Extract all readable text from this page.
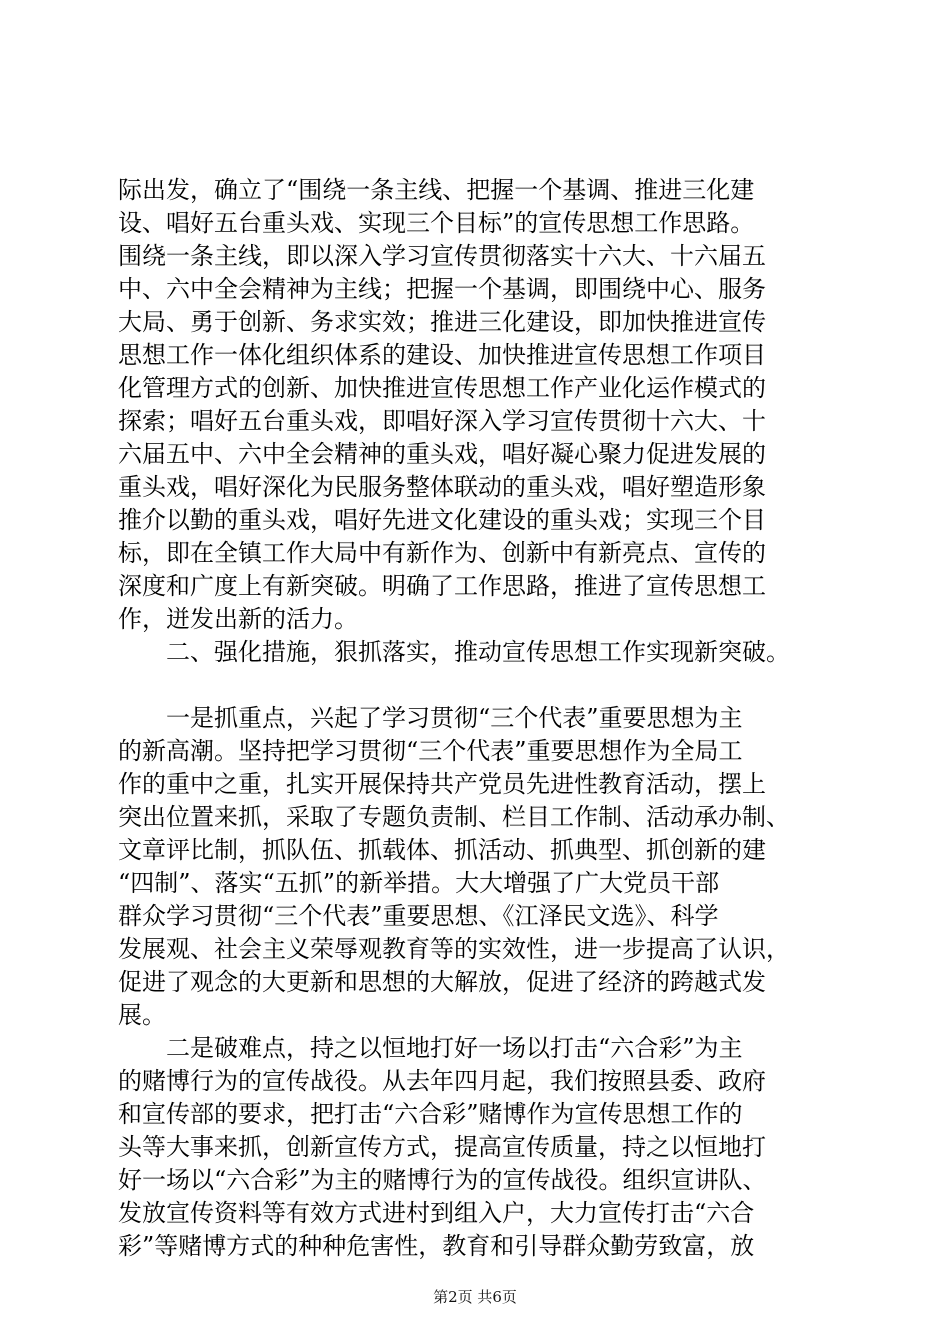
际出发，确立了“围绕一条主线、把握一个基调、推进三化建
设、唱好五台重头戏、实现三个目标”的宣传思想工作思路。
围绕一条主线，即以深入学习宣传贯彻落实十六大、十六届五
中、六中全会精神为主线；把握一个基调，即围绕中心、服务
大局、勇于创新、务求实效；推进三化建设，即加快推进宣传
思想工作一体化组织体系的建设、加快推进宣传思想工作项目
化管理方式的创新、加快推进宣传思想工作产业化运作模式的
探索；唱好五台重头戏，即唱好深入学习宣传贯彻十六大、十
六届五中、六中全会精神的重头戏，唱好凝心聚力促进发展的
重头戏，唱好深化为民服务整体联动的重头戏，唱好塑造形象
推介以勤的重头戏，唱好先进文化建设的重头戏；实现三个目
标，即在全镇工作大局中有新作为、创新中有新亮点、宣传的
深度和广度上有新突破。明确了工作思路，推进了宣传思想工
作，迸发出新的活力。
　　二、强化措施，狠抓落实，推动宣传思想工作实现新突破。
　　一是抓重点，兴起了学习贯彻“三个代表”重要思想为主
的新高潮。坚持把学习贯彻“三个代表”重要思想作为全局工
作的重中之重，扎实开展保持共产党员先进性教育活动，摆上
突出位置来抓，采取了专题负责制、栏目工作制、活动承办制、
文章评比制，抓队伍、抓载体、抓活动、抓典型、抓创新的建
“四制”、落实“五抓”的新举措。大大增强了广大党员干部
群众学习贯彻“三个代表”重要思想、《江泽民文选》、科学
发展观、社会主义荣辱观教育等的实效性，进一步提高了认识，
促进了观念的大更新和思想的大解放，促进了经济的跨越式发
展。
　　二是破难点，持之以恒地打好一场以打击“六合彩”为主
的赌博行为的宣传战役。从去年四月起，我们按照县委、政府
和宣传部的要求，把打击“六合彩”赌博作为宣传思想工作的
头等大事来抓，创新宣传方式，提高宣传质量，持之以恒地打
好一场以“六合彩”为主的赌博行为的宣传战役。组织宣讲队、
发放宣传资料等有效方式进村到组入户，大力宣传打击“六合
彩”等赌博方式的种种危害性，教育和引导群众勤劳致富，放
第2页 共6页
